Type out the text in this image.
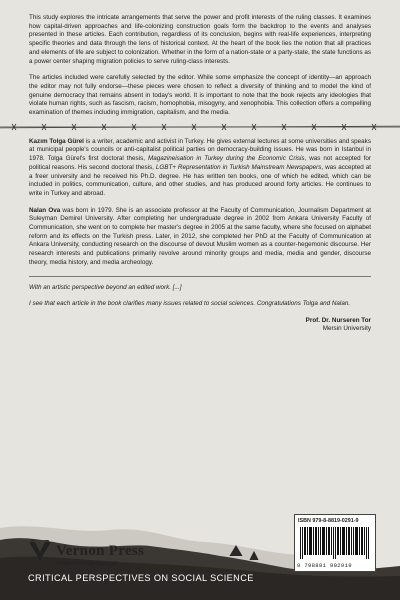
This study explores the intricate arrangements that serve the power and profit interests of the ruling classes. It examines how capital-driven approaches and life-colonizing construction goals form the backdrop to the events and analyses presented in these articles. Each contribution, regardless of its conclusion, begins with real-life experiences, interpreting specific theories and data through the lens of historical context. At the heart of the book lies the notion that all practices and elements of life are subject to colonization. Whether in the form of a nation-state or a party-state, the state functions as a power center shaping migration policies to serve ruling-class interests.

The articles included were carefully selected by the editor. While some emphasize the concept of identity—an approach the editor may not fully endorse—these pieces were chosen to reflect a diversity of thinking and to model the kind of genuine democracy that remains absent in today's world. It is important to note that the book rejects any ideologies that violate human rights, such as fascism, racism, homophobia, misogyny, and xenophobia. This collection offers a compelling examination of themes including immigration, capitalism, and the media.

Kazım Tolga Gürel is a writer, academic and activist in Turkey. He gives external lectures at some universities and speaks at municipal people's councils or anti-capitalist political parties on democracy-building issues. He was born in Istanbul in 1978. Tolga Gürel's first doctoral thesis, Magazineisation in Turkey during the Economic Crisis, was not accepted for political reasons. His second doctoral thesis, LGBT+ Representation in Turkish Mainstream Newspapers, was accepted at a freer university and he received his Ph.D. degree. He has written ten books, one of which he edited, which can be included in politics, communication, culture, and other studies, and has produced around forty articles. He continues to write in Turkey and abroad.

Nalan Ova was born in 1979. She is an associate professor at the Faculty of Communication, Journalism Department at Suleyman Demirel University. After completing her undergraduate degree in 2002 from Ankara University Faculty of Communication, she went on to complete her master's degree in 2005 at the same faculty, where she focused on alphabet reform and its effects on the Turkish press. Later, in 2012, she completed her PhD at the Faculty of Communication at Ankara University, conducting research on the discourse of devout Muslim women as a counter-hegemonic discourse. Her research interests and publications primarily revolve around minority groups and media, media and gender, discourse theory, media history, and media archeology.

With an artistic perspective beyond an edited work. [...]

I see that each article in the book clarifies many issues related to social sciences. Congratulations Tolga and Nalan.

Prof. Dr. Nurseren Tor
Mersin University
ISBN 979-8-8819-0291-9
9 798881 902919
Vernon Press
www.vernonpress.com
CRITICAL PERSPECTIVES ON SOCIAL SCIENCE
